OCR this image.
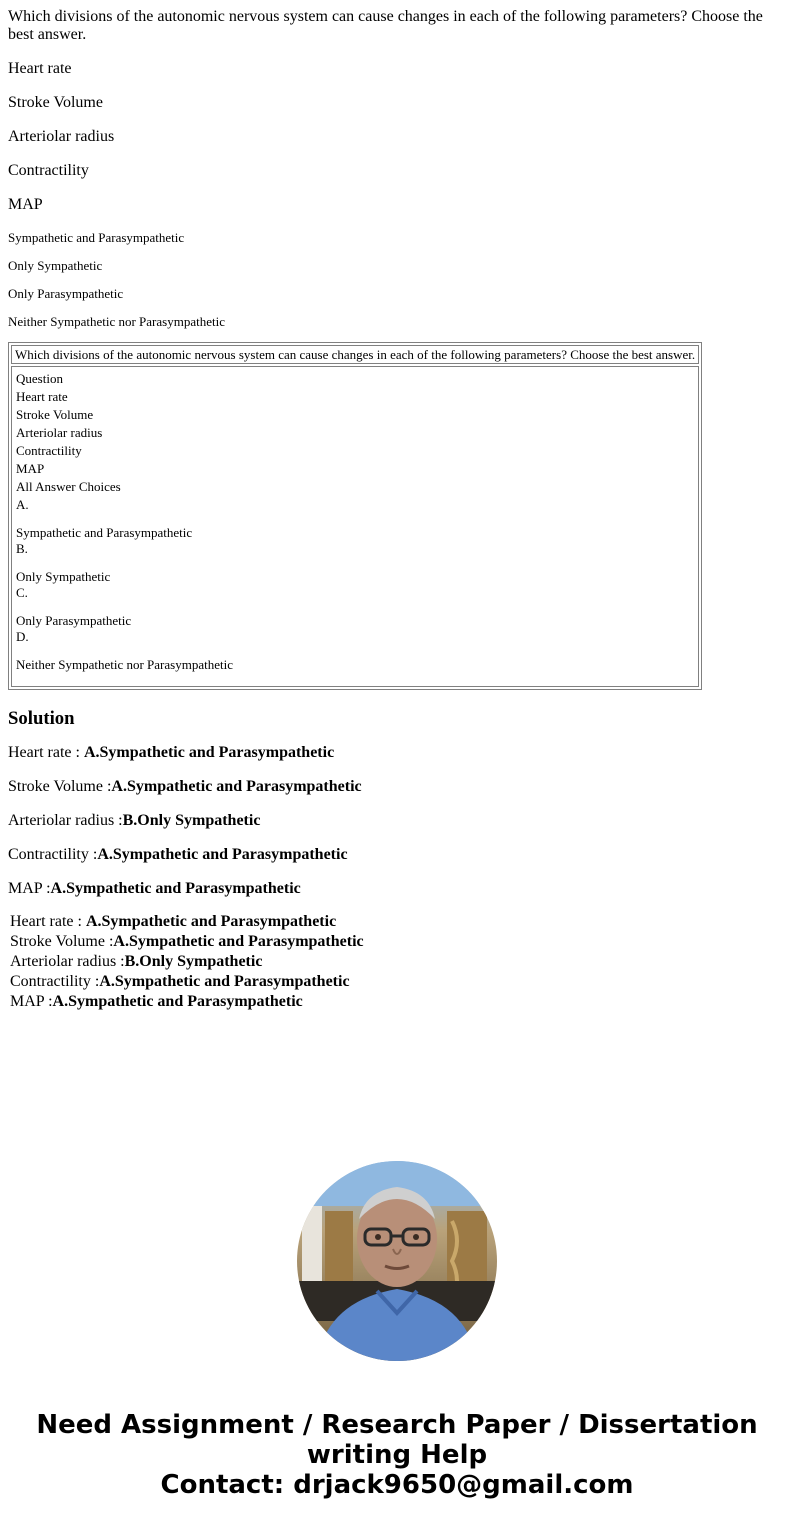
Which divisions of the autonomic nervous system can cause changes in each of the following parameters? Choose the best answer.
Heart rate
Stroke Volume
Arteriolar radius
Contractility
MAP
Sympathetic and Parasympathetic
Only Sympathetic
Only Parasympathetic
Neither Sympathetic nor Parasympathetic
Which divisions of the autonomic nervous system can cause changes in each of the following parameters? Choose the best answer.

Question
Heart rate
Stroke Volume
Arteriolar radius
Contractility
MAP
All Answer Choices
A.
Sympathetic and Parasympathetic
B.
Only Sympathetic
C.
Only Parasympathetic
D.
Neither Sympathetic nor Parasympathetic
Solution
Heart rate : A.Sympathetic and Parasympathetic
Stroke Volume :A.Sympathetic and Parasympathetic
Arteriolar radius :B.Only Sympathetic
Contractility :A.Sympathetic and Parasympathetic
MAP :A.Sympathetic and Parasympathetic
Heart rate : A.Sympathetic and Parasympathetic
Stroke Volume :A.Sympathetic and Parasympathetic
Arteriolar radius :B.Only Sympathetic
Contractility :A.Sympathetic and Parasympathetic
MAP :A.Sympathetic and Parasympathetic
Need Assignment / Research Paper / Dissertation
writing Help
Contact: drjack9650@gmail.com
